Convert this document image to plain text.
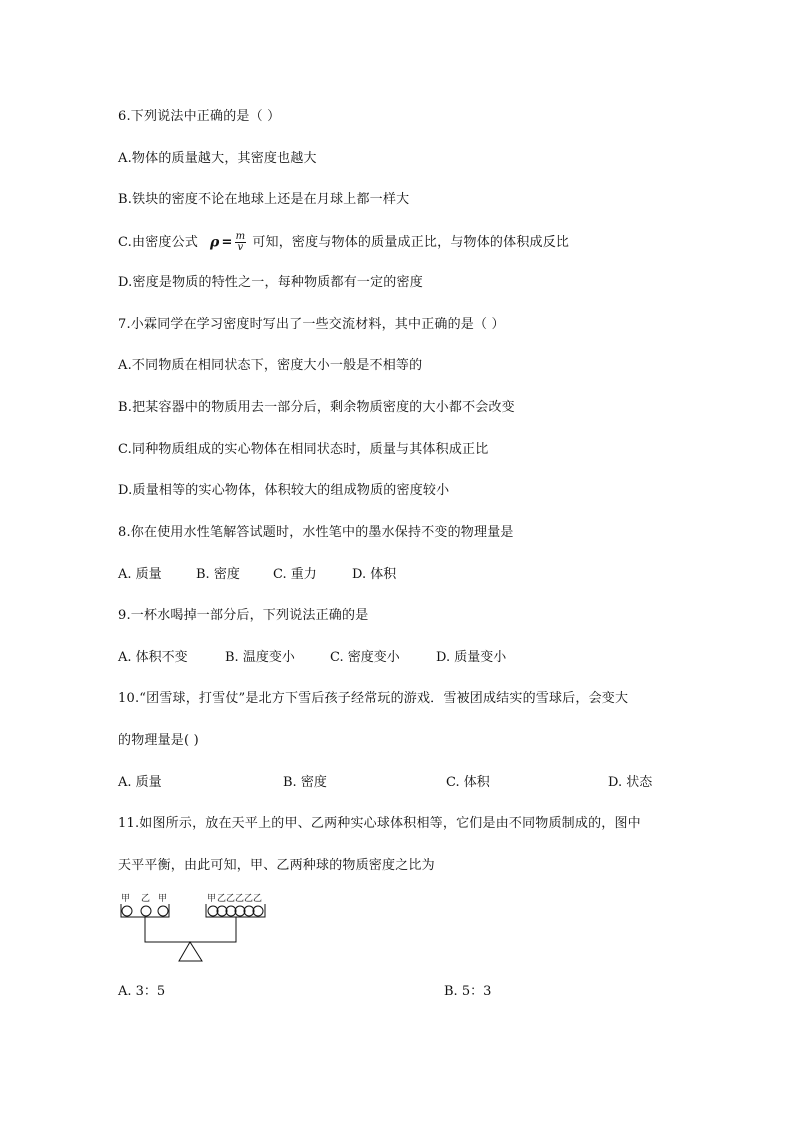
6.下列说法中正确的是（ ）
A.物体的质量越大，其密度也越大
B.铁块的密度不论在地球上还是在月球上都一样大
C.由密度公式 $\rho = \frac{m}{v}$ 可知，密度与物体的质量成正比，与物体的体积成反比
D.密度是物质的特性之一，每种物质都有一定的密度
7.小霖同学在学习密度时写出了一些交流材料，其中正确的是（ ）
A.不同物质在相同状态下，密度大小一般是不相等的
B.把某容器中的物质用去一部分后，剩余物质密度的大小都不会改变
C.同种物质组成的实心物体在相同状态时，质量与其体积成正比
D.质量相等的实心物体，体积较大的组成物质的密度较小
8.你在使用水性笔解答试题时，水性笔中的墨水保持不变的物理量是
A. 质量	B. 密度	C. 重力	D. 体积
9.一杯水喝掉一部分后，下列说法正确的是
A. 体积不变	B. 温度变小	C. 密度变小	D. 质量变小
10.“团雪球，打雪仗”是北方下雪后孩子经常玩的游戏．雪被团成结实的雪球后，会变大
的物理量是( )
A. 质量	B. 密度	C. 体积	D. 状态
11.如图所示，放在天平上的甲、乙两种实心球体积相等，它们是由不同物质制成的，图中
天平平衡，由此可知，甲、乙两种球的物质密度之比为
甲 乙 甲	甲 乙 乙 乙 乙 乙
A. 3：5	B. 5：3
